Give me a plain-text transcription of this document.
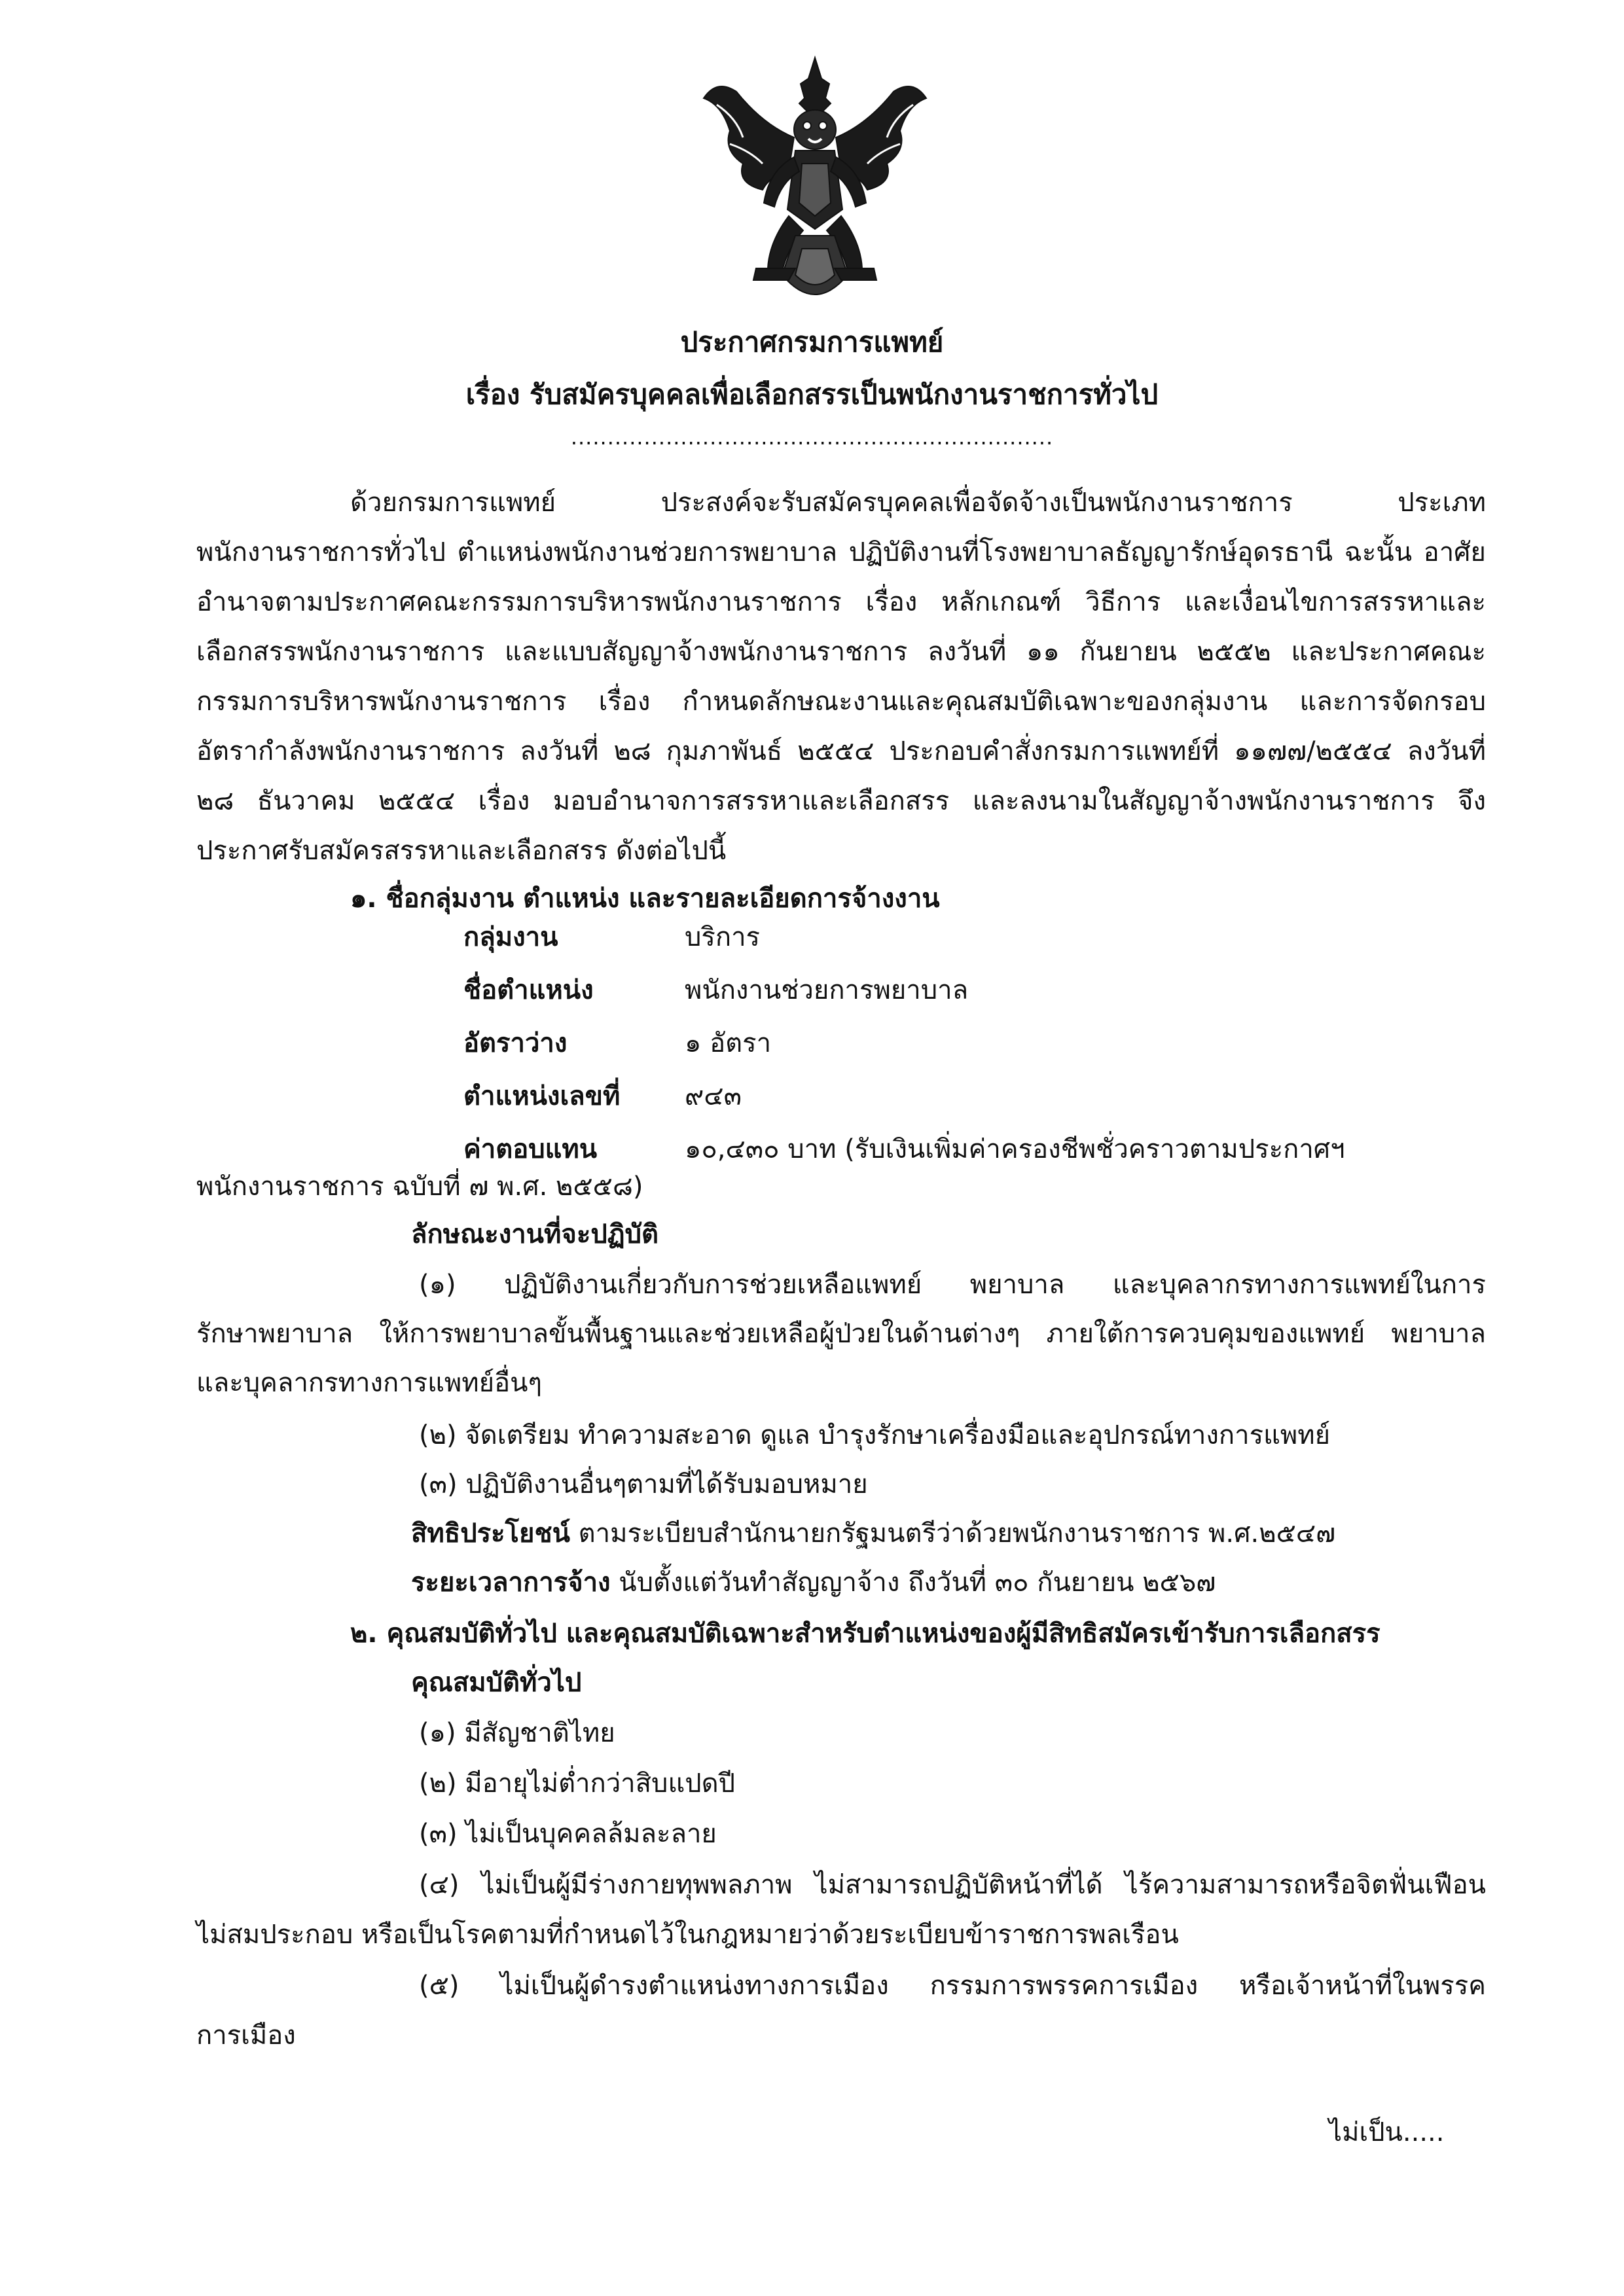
ประกาศกรมการแพทย์
เรื่อง รับสมัครบุคคลเพื่อเลือกสรรเป็นพนักงานราชการทั่วไป
..................................................................
ด้วยกรมการแพทย์ ประสงค์จะรับสมัครบุคคลเพื่อจัดจ้างเป็นพนักงานราชการ ประเภท
พนักงานราชการทั่วไป ตำแหน่งพนักงานช่วยการพยาบาล ปฏิบัติงานที่โรงพยาบาลธัญญารักษ์อุดรธานี ฉะนั้น อาศัย
อำนาจตามประกาศคณะกรรมการบริหารพนักงานราชการ เรื่อง หลักเกณฑ์ วิธีการ และเงื่อนไขการสรรหาและ
เลือกสรรพนักงานราชการ และแบบสัญญาจ้างพนักงานราชการ ลงวันที่ ๑๑ กันยายน ๒๕๕๒ และประกาศคณะ
กรรมการบริหารพนักงานราชการ เรื่อง กำหนดลักษณะงานและคุณสมบัติเฉพาะของกลุ่มงาน และการจัดกรอบ
อัตรากำลังพนักงานราชการ ลงวันที่ ๒๘ กุมภาพันธ์ ๒๕๕๔ ประกอบคำสั่งกรมการแพทย์ที่ ๑๑๗๗/๒๕๕๔ ลงวันที่
๒๘ ธันวาคม ๒๕๕๔ เรื่อง มอบอำนาจการสรรหาและเลือกสรร และลงนามในสัญญาจ้างพนักงานราชการ จึง
ประกาศรับสมัครสรรหาและเลือกสรร ดังต่อไปนี้
๑. ชื่อกลุ่มงาน ตำแหน่ง และรายละเอียดการจ้างงาน
กลุ่มงาน	บริการ
ชื่อตำแหน่ง	พนักงานช่วยการพยาบาล
อัตราว่าง	๑ อัตรา
ตำแหน่งเลขที่ ๙๔๓
ค่าตอบแทน	๑๐,๔๓๐ บาท (รับเงินเพิ่มค่าครองชีพชั่วคราวตามประกาศฯ
พนักงานราชการ ฉบับที่ ๗ พ.ศ. ๒๕๕๘)
ลักษณะงานที่จะปฏิบัติ
(๑) ปฏิบัติงานเกี่ยวกับการช่วยเหลือแพทย์ พยาบาล และบุคลากรทางการแพทย์ในการ
รักษาพยาบาล ให้การพยาบาลขั้นพื้นฐานและช่วยเหลือผู้ป่วยในด้านต่างๆ ภายใต้การควบคุมของแพทย์ พยาบาล
และบุคลากรทางการแพทย์อื่นๆ
(๒) จัดเตรียม ทำความสะอาด ดูแล บำรุงรักษาเครื่องมือและอุปกรณ์ทางการแพทย์
(๓) ปฏิบัติงานอื่นๆตามที่ได้รับมอบหมาย
สิทธิประโยชน์ ตามระเบียบสำนักนายกรัฐมนตรีว่าด้วยพนักงานราชการ พ.ศ.๒๕๔๗
ระยะเวลาการจ้าง นับตั้งแต่วันทำสัญญาจ้าง ถึงวันที่ ๓๐ กันยายน ๒๕๖๗
๒. คุณสมบัติทั่วไป และคุณสมบัติเฉพาะสำหรับตำแหน่งของผู้มีสิทธิสมัครเข้ารับการเลือกสรร
คุณสมบัติทั่วไป
(๑) มีสัญชาติไทย
(๒) มีอายุไม่ต่ำกว่าสิบแปดปี
(๓) ไม่เป็นบุคคลล้มละลาย
(๔) ไม่เป็นผู้มีร่างกายทุพพลภาพ ไม่สามารถปฏิบัติหน้าที่ได้ ไร้ความสามารถหรือจิตฟั่นเฟือน
ไม่สมประกอบ หรือเป็นโรคตามที่กำหนดไว้ในกฎหมายว่าด้วยระเบียบข้าราชการพลเรือน
(๕) ไม่เป็นผู้ดำรงตำแหน่งทางการเมือง กรรมการพรรคการเมือง หรือเจ้าหน้าที่ในพรรค
การเมือง
ไม่เป็น.....
